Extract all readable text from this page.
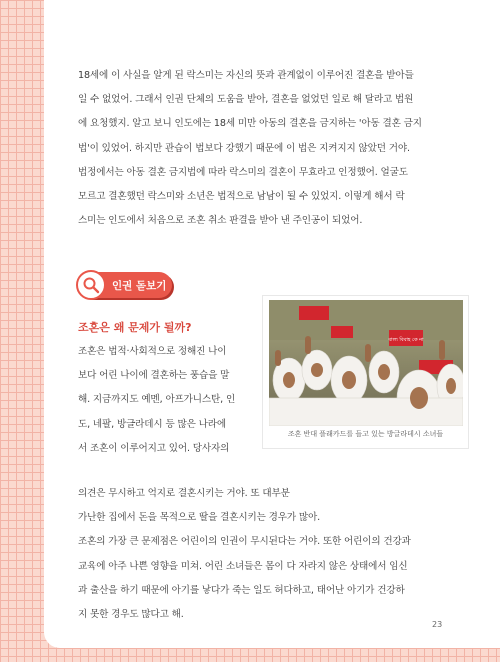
18세에 이 사실을 알게 된 락스미는 자신의 뜻과 관계없이 이루어진 결혼을 받아들
일 수 없었어. 그래서 인권 단체의 도움을 받아, 결혼을 없었던 일로 해 달라고 법원
에 요청했지. 알고 보니 인도에는 18세 미만 아동의 결혼을 금지하는 '아동 결혼 금지
법'이 있었어. 하지만 관습이 법보다 강했기 때문에 이 법은 지켜지지 않았던 거야.
법정에서는 아동 결혼 금지법에 따라 락스미의 결혼이 무효라고 인정했어. 얼굴도
모르고 결혼했던 락스미와 소년은 법적으로 남남이 될 수 있었지. 이렇게 해서 락
스미는 인도에서 처음으로 조혼 취소 판결을 받아 낸 주인공이 되었어.
인권 돋보기
조혼은 왜 문제가 될까?
조혼은 법적·사회적으로 정해진 나이
보다 어린 나이에 결혼하는 풍습을 말
해. 지금까지도 예멘, 아프가니스탄, 인
도, 네팔, 방글라데시 등 많은 나라에
서 조혼이 이루어지고 있어. 당사자의
বাল্য বিবাহ কে না
조혼 반대 플래카드를 들고 있는 방글라데시 소녀들
의견은 무시하고 억지로 결혼시키는 거야. 또 대부분
가난한 집에서 돈을 목적으로 딸을 결혼시키는 경우가 많아.
조혼의 가장 큰 문제점은 어린이의 인권이 무시된다는 거야. 또한 어린이의 건강과
교육에 아주 나쁜 영향을 미쳐. 어린 소녀들은 몸이 다 자라지 않은 상태에서 임신
과 출산을 하기 때문에 아기를 낳다가 죽는 일도 허다하고, 태어난 아기가 건강하
지 못한 경우도 많다고 해.
23
